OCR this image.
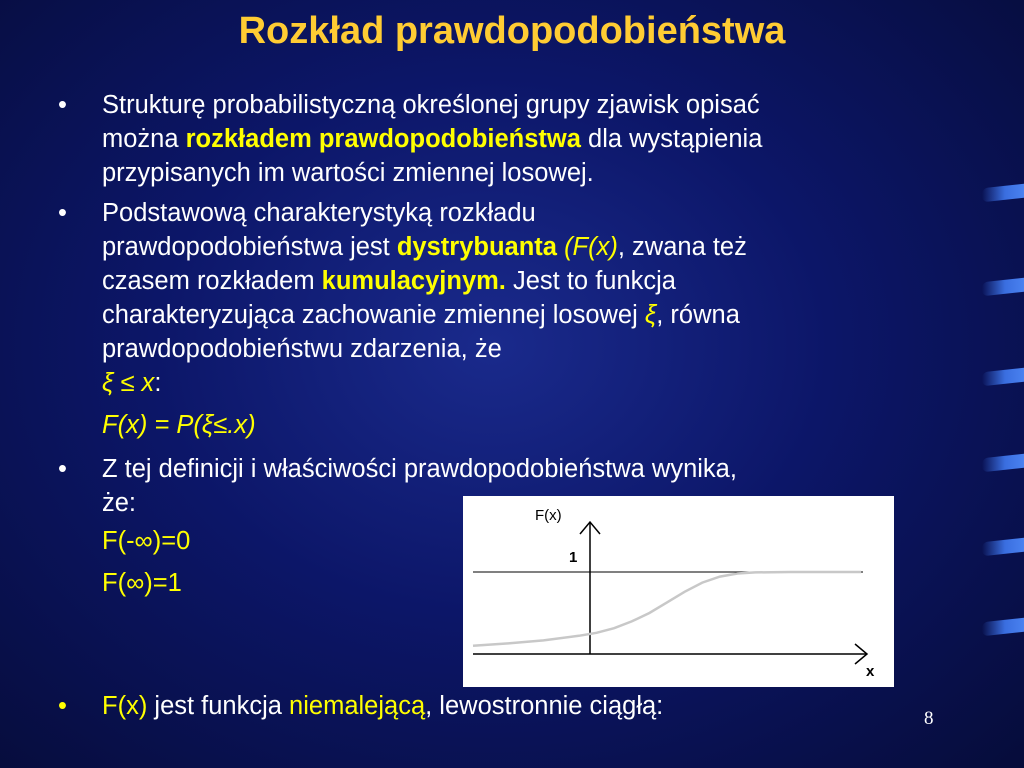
Rozkład prawdopodobieństwa
• Strukturę probabilistyczną określonej grupy zjawisk opisać
można rozkładem prawdopodobieństwa dla wystąpienia
przypisanych im wartości zmiennej losowej.
• Podstawową charakterystyką rozkładu
prawdopodobieństwa jest dystrybuanta (F(x), zwana też
czasem rozkładem kumulacyjnym. Jest to funkcja
charakteryzująca zachowanie zmiennej losowej ξ, równa
prawdopodobieństwu zdarzenia, że
ξ ≤ x:
F(x) = P(ξ≤.x)
• Z tej definicji i właściwości prawdopodobieństwa wynika,
że:
F(-∞)=0
F(∞)=1
F(x)
1
x
• F(x) jest funkcja niemalejącą, lewostronnie ciągłą:	8
